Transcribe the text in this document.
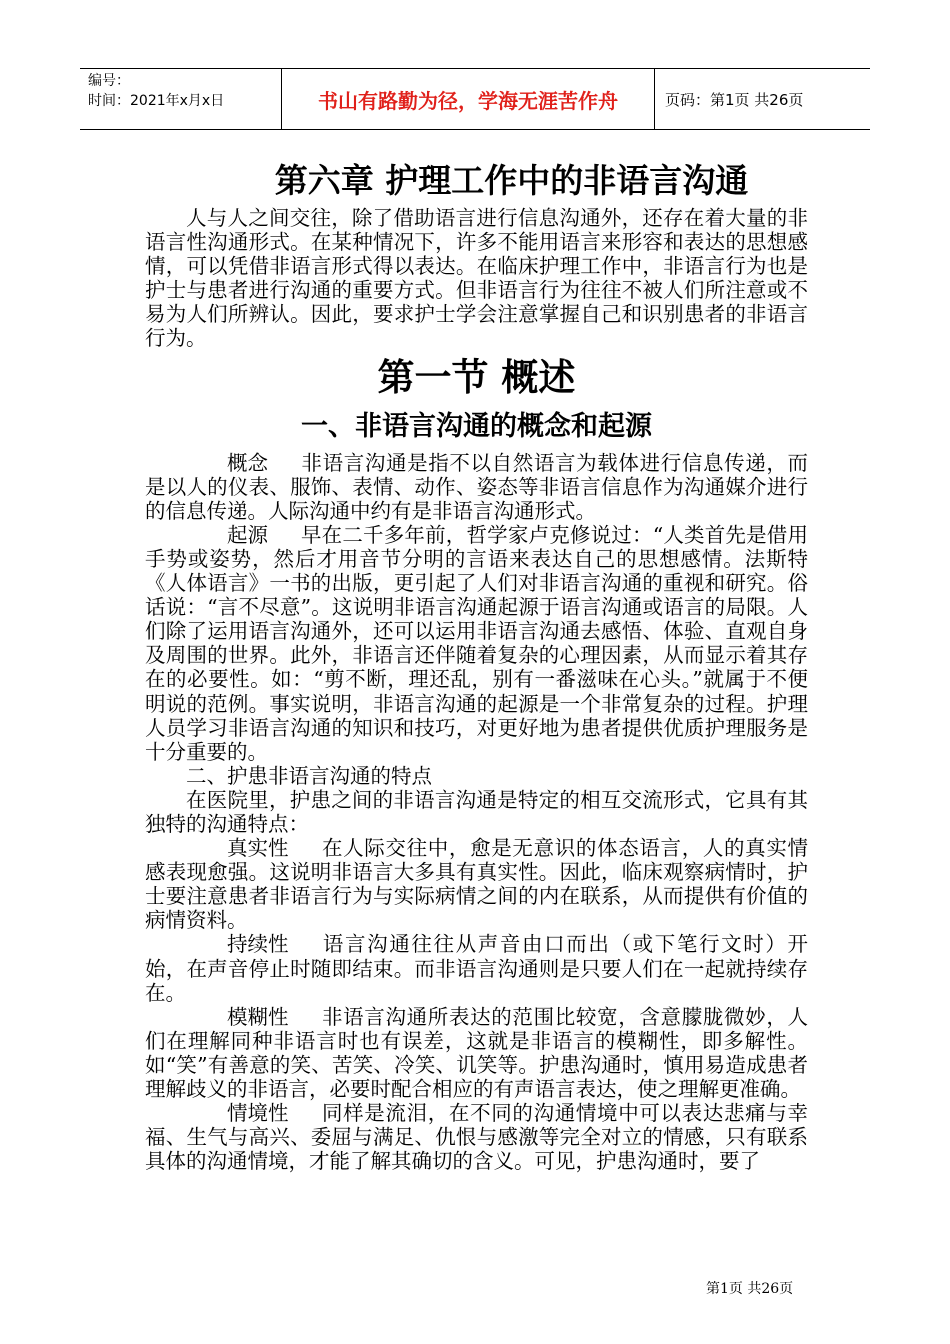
编号：
时间：2021年x月x日	书山有路勤为径，学海无涯苦作舟	页码：第1页 共26页
第六章 护理工作中的非语言沟通

人与人之间交往，除了借助语言进行信息沟通外，还存在着大量的非语言性沟通形式。在某种情况下，许多不能用语言来形容和表达的思想感情，可以凭借非语言形式得以表达。在临床护理工作中，非语言行为也是护士与患者进行沟通的重要方式。但非语言行为往往不被人们所注意或不易为人们所辨认。因此，要求护士学会注意掌握自己和识别患者的非语言行为。

第一节 概述
一、非语言沟通的概念和起源

概念 非语言沟通是指不以自然语言为载体进行信息传递，而是以人的仪表、服饰、表情、动作、姿态等非语言信息作为沟通媒介进行的信息传递。人际沟通中约有是非语言沟通形式。

起源 早在二千多年前，哲学家卢克修说过：“人类首先是借用手势或姿势，然后才用音节分明的言语来表达自己的思想感情。法斯特《人体语言》一书的出版，更引起了人们对非语言沟通的重视和研究。俗话说：“言不尽意”。这说明非语言沟通起源于语言沟通或语言的局限。人们除了运用语言沟通外，还可以运用非语言沟通去感悟、体验、直观自身及周围的世界。此外，非语言还伴随着复杂的心理因素，从而显示着其存在的必要性。如：“剪不断，理还乱，别有一番滋味在心头。”就属于不便明说的范例。事实说明，非语言沟通的起源是一个非常复杂的过程。护理人员学习非语言沟通的知识和技巧，对更好地为患者提供优质护理服务是十分重要的。

二、护患非语言沟通的特点

在医院里，护患之间的非语言沟通是特定的相互交流形式，它具有其独特的沟通特点：

真实性 在人际交往中，愈是无意识的体态语言，人的真实情感表现愈强。这说明非语言大多具有真实性。因此，临床观察病情时，护士要注意患者非语言行为与实际病情之间的内在联系，从而提供有价值的病情资料。

持续性 语言沟通往往从声音由口而出（或下笔行文时）开始，在声音停止时随即结束。而非语言沟通则是只要人们在一起就持续存在。

模糊性 非语言沟通所表达的范围比较宽，含意朦胧微妙，人们在理解同种非语言时也有误差，这就是非语言的模糊性，即多解性。如“笑”有善意的笑、苦笑、冷笑、讥笑等。护患沟通时，慎用易造成患者理解歧义的非语言，必要时配合相应的有声语言表达，使之理解更准确。

情境性 同样是流泪，在不同的沟通情境中可以表达悲痛与幸福、生气与高兴、委屈与满足、仇恨与感激等完全对立的情感，只有联系具体的沟通情境，才能了解其确切的含义。可见，护患沟通时，要了

第1页 共26页
